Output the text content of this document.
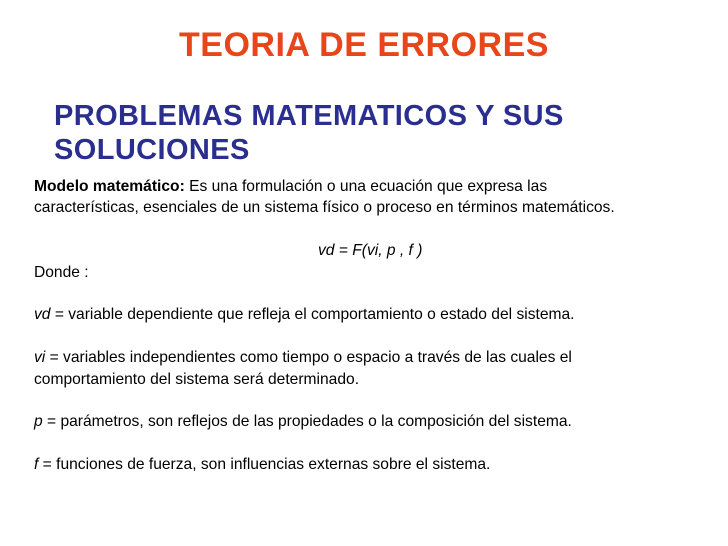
TEORIA DE ERRORES
PROBLEMAS MATEMATICOS Y SUS SOLUCIONES

Modelo matemático: Es una formulación o una ecuación que expresa las

características, esenciales de un sistema físico o proceso en términos matemáticos.

vd = F(vi, p , f )

Donde :

vd = variable dependiente que refleja el comportamiento o estado del sistema.

vi = variables independientes como tiempo o espacio a través de las cuales el

comportamiento del sistema será determinado.

p = parámetros, son reflejos de las propiedades o la composición del sistema.

f = funciones de fuerza, son influencias externas sobre el sistema.
